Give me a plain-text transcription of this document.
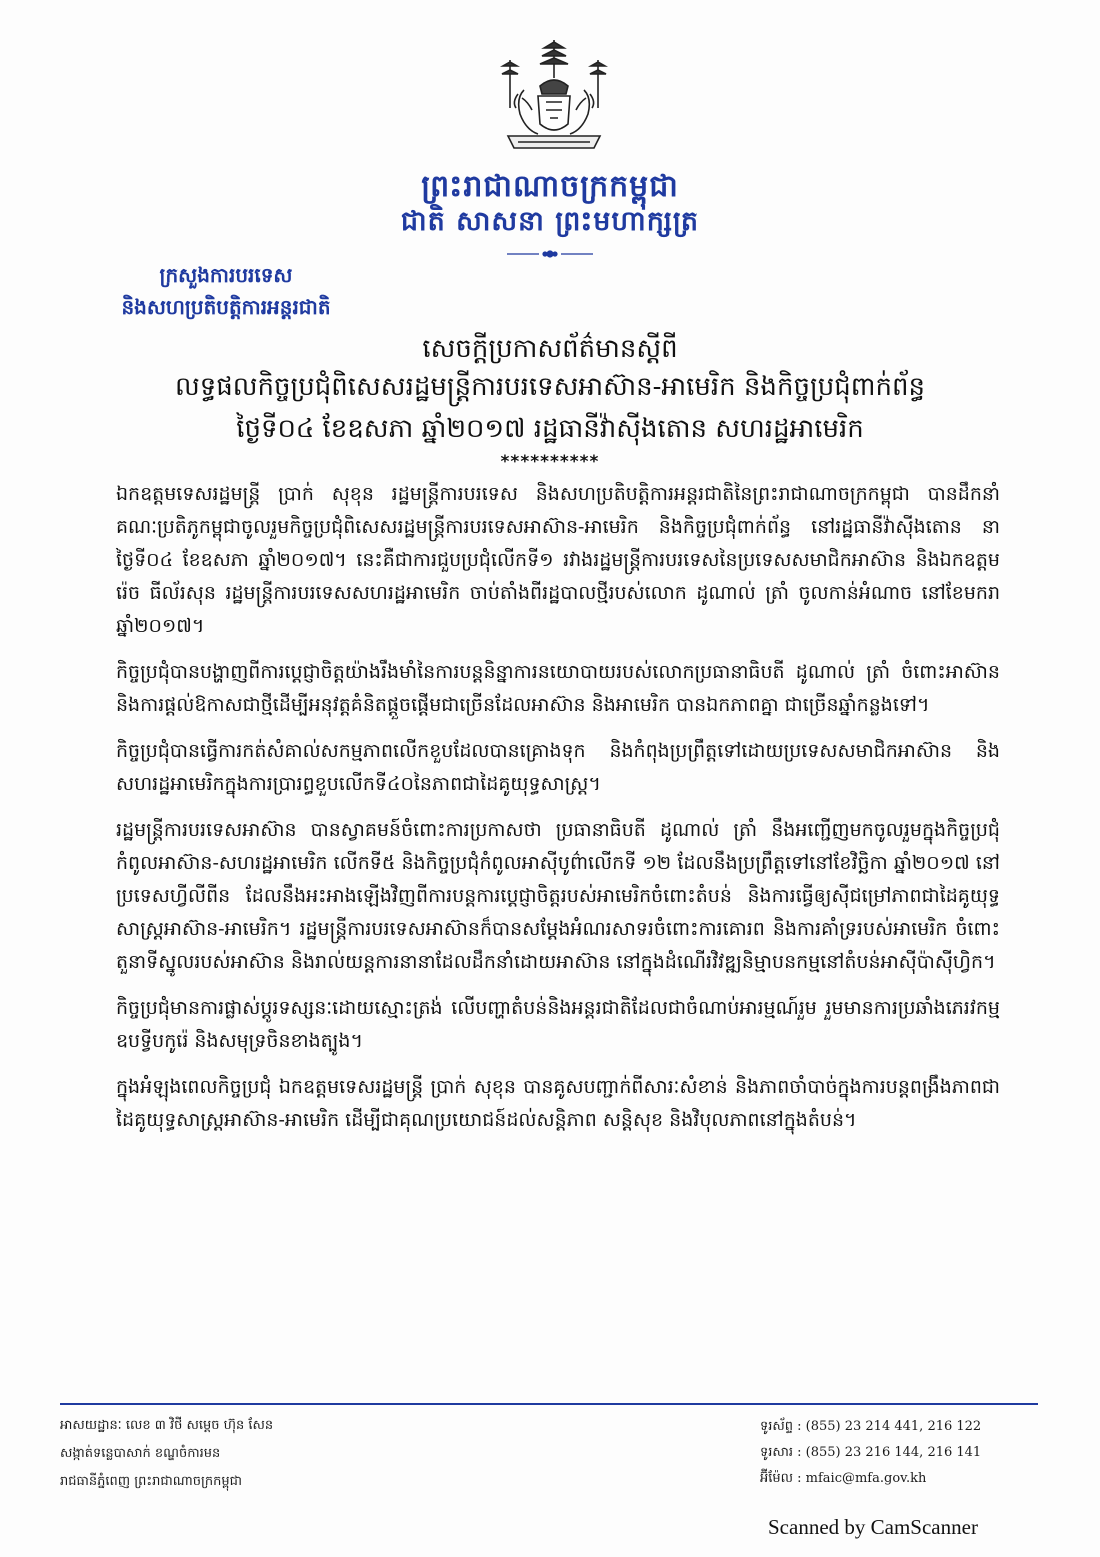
ព្រះរាជាណាចក្រកម្ពុជា
ជាតិ សាសនា ព្រះមហាក្សត្រ
ក្រសួងការបរទេស
និងសហប្រតិបត្តិការអន្តរជាតិ
សេចក្តីប្រកាសព័ត៌មានស្តីពី
លទ្ធផលកិច្ចប្រជុំពិសេសរដ្ឋមន្ត្រីការបរទេសអាស៊ាន-អាមេរិក និងកិច្ចប្រជុំពាក់ព័ន្ធ
ថ្ងៃទី០៤ ខែឧសភា ឆ្នាំ២០១៧ រដ្ឋធានីវ៉ាស៊ីងតោន សហរដ្ឋអាមេរិក
**********

ឯកឧត្តមទេសរដ្ឋមន្ត្រី ប្រាក់ សុខុន រដ្ឋមន្ត្រីការបរទេស និងសហប្រតិបត្តិការអន្តរជាតិនៃព្រះរាជាណាចក្រកម្ពុជា បានដឹកនាំគណៈប្រតិភូកម្ពុជាចូលរួមកិច្ចប្រជុំពិសេសរដ្ឋមន្ត្រីការបរទេសអាស៊ាន-អាមេរិក និងកិច្ចប្រជុំពាក់ព័ន្ធ នៅរដ្ឋធានីវ៉ាស៊ីងតោន នាថ្ងៃទី០៤ ខែឧសភា ឆ្នាំ២០១៧។ នេះគឺជាការជួបប្រជុំលើកទី១ រវាងរដ្ឋមន្ត្រីការបរទេសនៃប្រទេសសមាជិកអាស៊ាន និងឯកឧត្តម រ៉េច ធីល័រសុន រដ្ឋមន្ត្រីការបរទេសសហរដ្ឋអាមេរិក ចាប់តាំងពីរដ្ឋបាលថ្មីរបស់លោក ដូណាល់ ត្រាំ ចូលកាន់អំណាច នៅខែមករា ឆ្នាំ២០១៧។

កិច្ចប្រជុំបានបង្ហាញពីការប្តេជ្ញាចិត្តយ៉ាងរឹងមាំនៃការបន្តនិន្នាការនយោបាយរបស់លោកប្រធានាធិបតី ដូណាល់ ត្រាំ ចំពោះអាស៊ាន និងការផ្តល់ឱកាសជាថ្មីដើម្បីអនុវត្តគំនិតផ្តួចផ្តើមជាច្រើនដែលអាស៊ាន និងអាមេរិក បានឯកភាពគ្នា ជាច្រើនឆ្នាំកន្លងទៅ។

កិច្ចប្រជុំបានធ្វើការកត់សំគាល់សកម្មភាពលើកខួបដែលបានគ្រោងទុក និងកំពុងប្រព្រឹត្តទៅដោយប្រទេសសមាជិកអាស៊ាន និងសហរដ្ឋអាមេរិកក្នុងការប្រារព្ធខួបលើកទី៤០នៃភាពជាដៃគូយុទ្ធសាស្ត្រ។

រដ្ឋមន្ត្រីការបរទេសអាស៊ាន បានស្វាគមន៍ចំពោះការប្រកាសថា ប្រធានាធិបតី ដូណាល់ ត្រាំ នឹងអញ្ជើញមកចូលរួមក្នុងកិច្ចប្រជុំកំពូលអាស៊ាន-សហរដ្ឋអាមេរិក លើកទី៥ និងកិច្ចប្រជុំកំពូលអាស៊ីបូព៌ាលើកទី ១២ ដែលនឹងប្រព្រឹត្តទៅនៅខែវិច្ឆិកា ឆ្នាំ២០១៧ នៅប្រទេសហ្វីលីពីន ដែលនឹងអះអាងឡើងវិញពីការបន្តការប្តេជ្ញាចិត្តរបស់អាមេរិកចំពោះតំបន់ និងការធ្វើឲ្យស៊ីជម្រៅភាពជាដៃគូយុទ្ធសាស្ត្រអាស៊ាន-អាមេរិក។ រដ្ឋមន្ត្រីការបរទេសអាស៊ានក៏បានសម្តែងអំណរសាទរចំពោះការគោរព និងការគាំទ្ររបស់អាមេរិក ចំពោះតួនាទីស្នូលរបស់អាស៊ាន និងរាល់យន្តការនានាដែលដឹកនាំដោយអាស៊ាន នៅក្នុងដំណើរវិវឌ្ឍនិម្មាបនកម្មនៅតំបន់អាស៊ីប៉ាស៊ីហ្វិក។

កិច្ចប្រជុំមានការផ្លាស់ប្តូរទស្សនៈដោយស្មោះត្រង់ លើបញ្ហាតំបន់និងអន្តរជាតិដែលជាចំណាប់អារម្មណ៍រួម រួមមានការប្រឆាំងភេរវកម្ម ឧបទ្វីបកូរ៉េ និងសមុទ្រចិនខាងត្បូង។

ក្នុងអំឡុងពេលកិច្ចប្រជុំ ឯកឧត្តមទេសរដ្ឋមន្ត្រី ប្រាក់ សុខុន បានគូសបញ្ជាក់ពីសារៈសំខាន់ និងភាពចាំបាច់ក្នុងការបន្តពង្រឹងភាពជាដៃគូយុទ្ធសាស្ត្រអាស៊ាន-អាមេរិក ដើម្បីជាគុណប្រយោជន៍ដល់សន្តិភាព សន្តិសុខ និងវិបុលភាពនៅក្នុងតំបន់។

អាសយដ្ឋានៈ លេខ ៣ វិថី សម្តេច ហ៊ុន សែន
សង្កាត់ទន្លេបាសាក់ ខណ្ឌចំការមន
រាជធានីភ្នំពេញ ព្រះរាជាណាចក្រកម្ពុជា
ទូរស័ព្ទ : (855) 23 214 441, 216 122
ទូរសារ : (855) 23 216 144, 216 141
អ៊ីម៉ែល : mfaic@mfa.gov.kh
Scanned by CamScanner
